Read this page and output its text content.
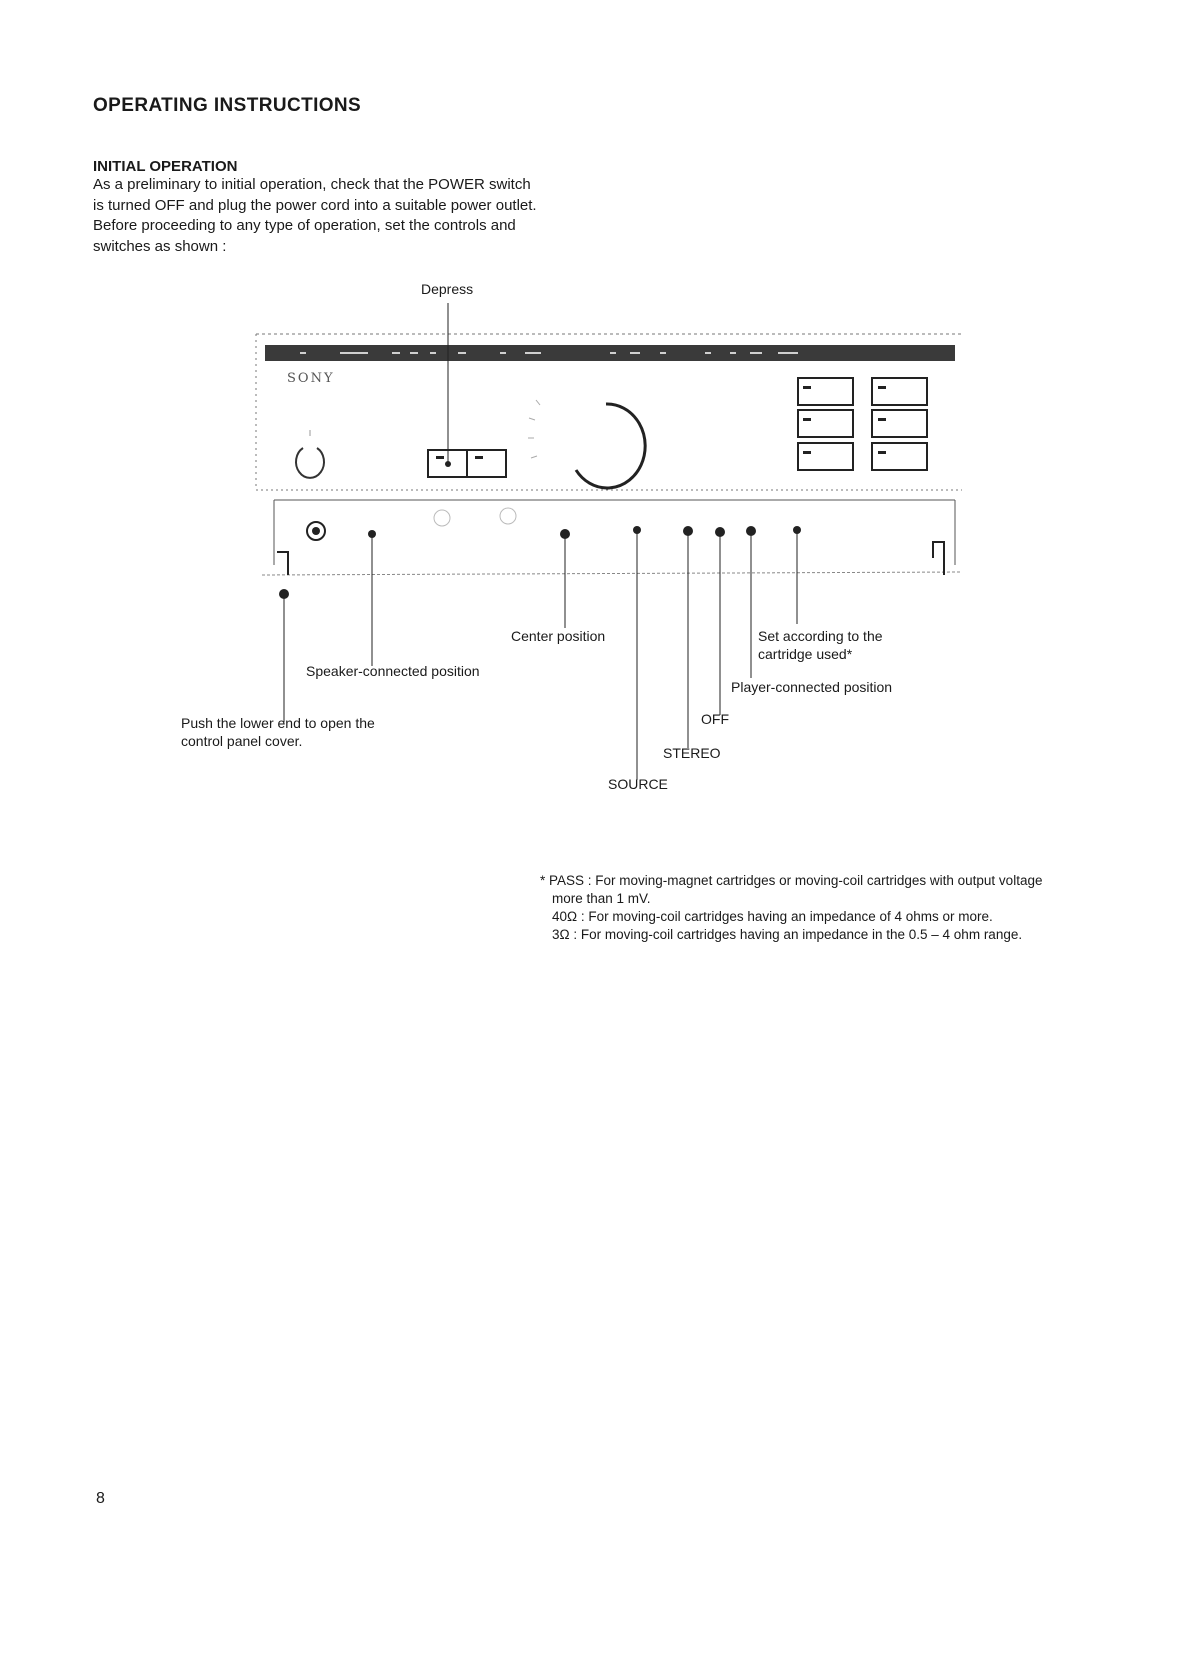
OPERATING INSTRUCTIONS
INITIAL OPERATION
As a preliminary to initial operation, check that the POWER switch
is turned OFF and plug the power cord into a suitable power outlet.
Before proceeding to any type of operation, set the controls and
switches as shown :
SONY
Depress
Center position	Set according to the cartridge used*
Speaker-connected position
Player-connected position
Push the lower end to open the control panel cover.
OFF
STEREO
SOURCE
* PASS : For moving-magnet cartridges or moving-coil cartridges with output voltage
more than 1 mV.
40Ω : For moving-coil cartridges having an impedance of 4 ohms or more.
3Ω : For moving-coil cartridges having an impedance in the 0.5 – 4 ohm range.
8
